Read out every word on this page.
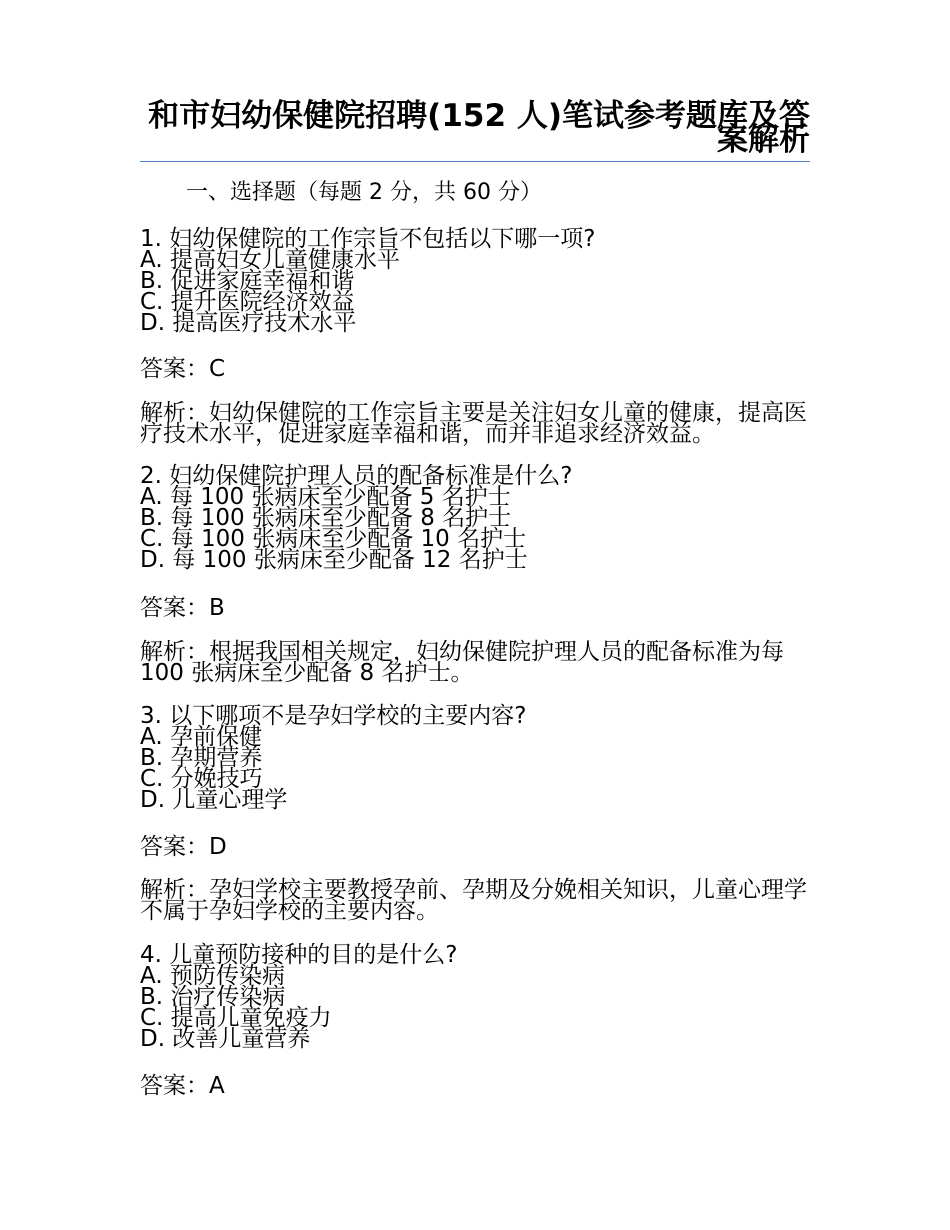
和市妇幼保健院招聘(152 人)笔试参考题库及答案解析
一、选择题（每题 2 分，共 60 分）
1. 妇幼保健院的工作宗旨不包括以下哪一项?
A. 提高妇女儿童健康水平
B. 促进家庭幸福和谐
C. 提升医院经济效益
D. 提高医疗技术水平
答案：C
解析：妇幼保健院的工作宗旨主要是关注妇女儿童的健康，提高医疗技术水平，促进家庭幸福和谐，而并非追求经济效益。
2. 妇幼保健院护理人员的配备标准是什么?
A. 每 100 张病床至少配备 5 名护士
B. 每 100 张病床至少配备 8 名护士
C. 每 100 张病床至少配备 10 名护士
D. 每 100 张病床至少配备 12 名护士
答案：B
解析：根据我国相关规定，妇幼保健院护理人员的配备标准为每 100 张病床至少配备 8 名护士。
3. 以下哪项不是孕妇学校的主要内容?
A. 孕前保健
B. 孕期营养
C. 分娩技巧
D. 儿童心理学
答案：D
解析：孕妇学校主要教授孕前、孕期及分娩相关知识，儿童心理学不属于孕妇学校的主要内容。
4. 儿童预防接种的目的是什么?
A. 预防传染病
B. 治疗传染病
C. 提高儿童免疫力
D. 改善儿童营养
答案：A
